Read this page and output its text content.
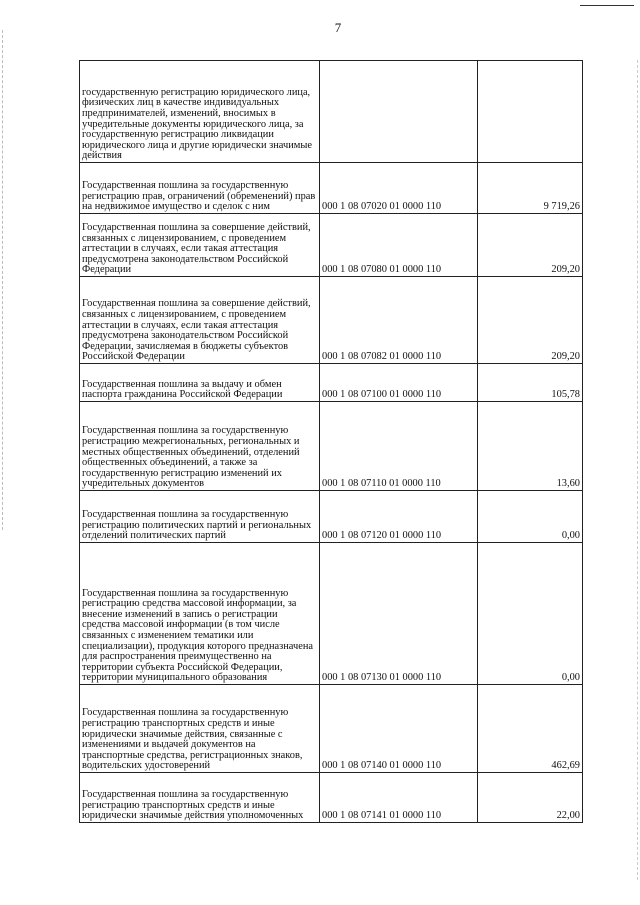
7
государственную регистрацию юридического лица, физических лиц в качестве индивидуальных предпринимателей, изменений, вносимых в учредительные документы юридического лица, за государственную регистрацию ликвидации юридического лица и другие юридически значимые действия		

Государственная пошлина за государственную регистрацию прав, ограничений (обременений) прав на недвижимое имущество и сделок с ним	000 1 08 07020 01 0000 110	9 719,26

Государственная пошлина за совершение действий, связанных с лицензированием, с проведением аттестации в случаях, если такая аттестация предусмотрена законодательством Российской Федерации	000 1 08 07080 01 0000 110	209,20

Государственная пошлина за совершение действий, связанных с лицензированием, с проведением аттестации в случаях, если такая аттестация предусмотрена законодательством Российской Федерации, зачисляемая в бюджеты субъектов Российской Федерации	000 1 08 07082 01 0000 110	209,20

Государственная пошлина за выдачу и обмен паспорта гражданина Российской Федерации	000 1 08 07100 01 0000 110	105,78

Государственная пошлина за государственную регистрацию межрегиональных, региональных и местных общественных объединений, отделений общественных объединений, а также за государственную регистрацию изменений их учредительных документов	000 1 08 07110 01 0000 110	13,60

Государственная пошлина за государственную регистрацию политических партий и региональных отделений политических партий	000 1 08 07120 01 0000 110	0,00

Государственная пошлина за государственную регистрацию средства массовой информации, за внесение изменений в запись о регистрации средства массовой информации (в том числе связанных с изменением тематики или специализации), продукция которого предназначена для распространения преимущественно на территории субъекта Российской Федерации, территории муниципального образования	000 1 08 07130 01 0000 110	0,00

Государственная пошлина за государственную регистрацию транспортных средств и иные юридически значимые действия, связанные с изменениями и выдачей документов на транспортные средства, регистрационных знаков, водительских удостоверений	000 1 08 07140 01 0000 110	462,69

Государственная пошлина за государственную регистрацию транспортных средств и иные юридически значимые действия уполномоченных	000 1 08 07141 01 0000 110	22,00
